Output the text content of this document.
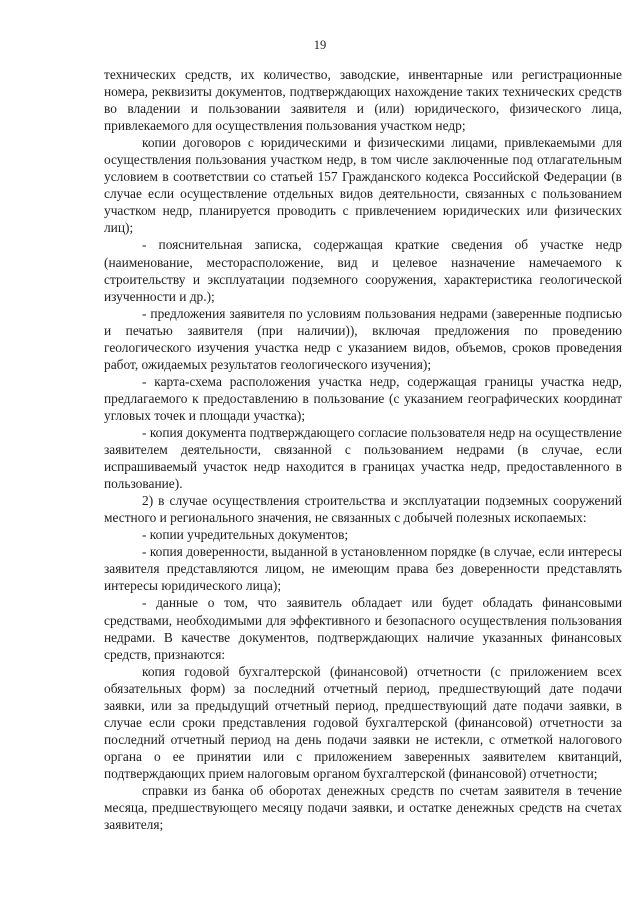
19

технических средств, их количество, заводские, инвентарные или регистрационные номера, реквизиты документов, подтверждающих нахождение таких технических средств во владении и пользовании заявителя и (или) юридического, физического лица, привлекаемого для осуществления пользования участком недр;

копии договоров с юридическими и физическими лицами, привлекаемыми для осуществления пользования участком недр, в том числе заключенные под отлагательным условием в соответствии со статьей 157 Гражданского кодекса Российской Федерации (в случае если осуществление отдельных видов деятельности, связанных с пользованием участком недр, планируется проводить с привлечением юридических или физических лиц);

- пояснительная записка, содержащая краткие сведения об участке недр (наименование, месторасположение, вид и целевое назначение намечаемого к строительству и эксплуатации подземного сооружения, характеристика геологической изученности и др.);

- предложения заявителя по условиям пользования недрами (заверенные подписью и печатью заявителя (при наличии)), включая предложения по проведению геологического изучения участка недр с указанием видов, объемов, сроков проведения работ, ожидаемых результатов геологического изучения);

- карта-схема расположения участка недр, содержащая границы участка недр, предлагаемого к предоставлению в пользование (с указанием географических координат угловых точек и площади участка);

- копия документа подтверждающего согласие пользователя недр на осуществление заявителем деятельности, связанной с пользованием недрами (в случае, если испрашиваемый участок недр находится в границах участка недр, предоставленного в пользование).

2) в случае осуществления строительства и эксплуатации подземных сооружений местного и регионального значения, не связанных с добычей полезных ископаемых:

- копии учредительных документов;

- копия доверенности, выданной в установленном порядке (в случае, если интересы заявителя представляются лицом, не имеющим права без доверенности представлять интересы юридического лица);

- данные о том, что заявитель обладает или будет обладать финансовыми средствами, необходимыми для эффективного и безопасного осуществления пользования недрами. В качестве документов, подтверждающих наличие указанных финансовых средств, признаются:

копия годовой бухгалтерской (финансовой) отчетности (с приложением всех обязательных форм) за последний отчетный период, предшествующий дате подачи заявки, или за предыдущий отчетный период, предшествующий дате подачи заявки, в случае если сроки представления годовой бухгалтерской (финансовой) отчетности за последний отчетный период на день подачи заявки не истекли, с отметкой налогового органа о ее принятии или с приложением заверенных заявителем квитанций, подтверждающих прием налоговым органом бухгалтерской (финансовой) отчетности;

справки из банка об оборотах денежных средств по счетам заявителя в течение месяца, предшествующего месяцу подачи заявки, и остатке денежных средств на счетах заявителя;
